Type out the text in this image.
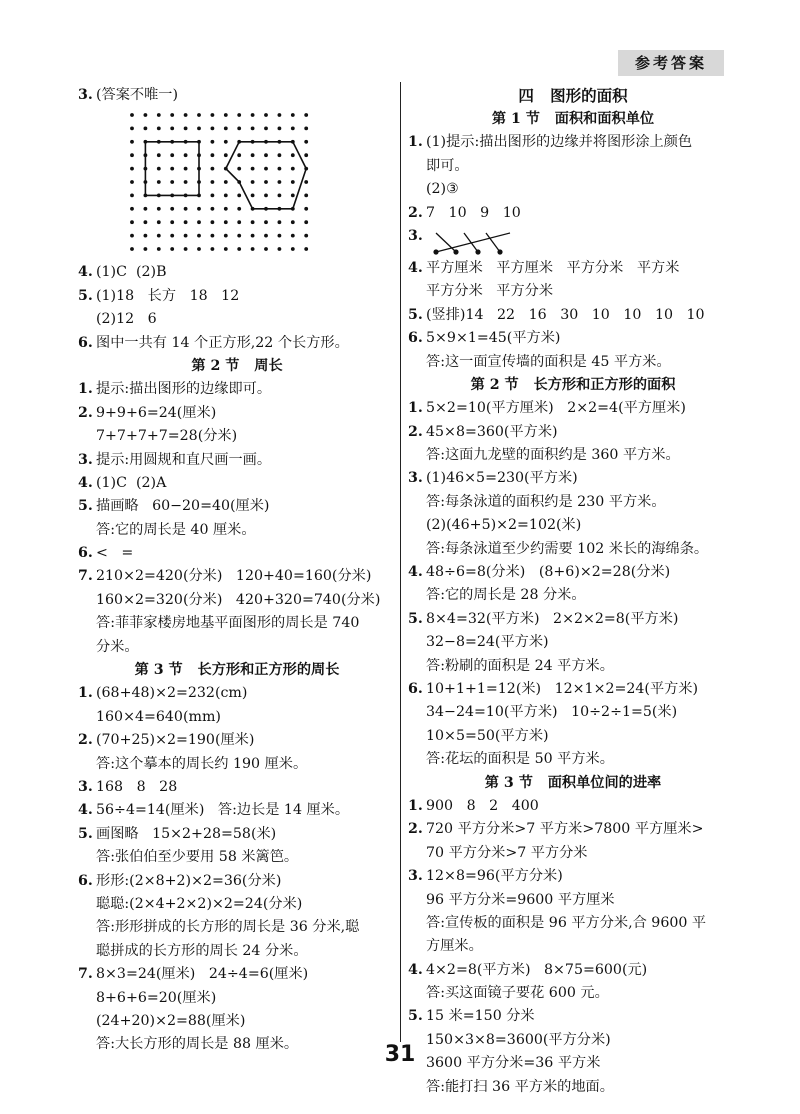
参考答案

3.

(答案不唯一)

4. (1)C  (2)B
5. (1)18   长方   18   12
(2)12   6
6. 图中一共有 14 个正方形,22 个长方形。
第 2 节   周长
1. 提示:描出图形的边缘即可。
2. 9+9+6=24(厘米)
7+7+7+7=28(分米)
3. 提示:用圆规和直尺画一画。
4. (1)C  (2)A
5. 描画略   60−20=40(厘米)
答:它的周长是 40 厘米。
6. <   =
7. 210×2=420(分米)   120+40=160(分米)
160×2=320(分米)   420+320=740(分米)
答:菲菲家楼房地基平面图形的周长是 740
分米。
第 3 节   长方形和正方形的周长
1. (68+48)×2=232(cm)
160×4=640(mm)
2. (70+25)×2=190(厘米)
答:这个摹本的周长约 190 厘米。
3. 168   8   28
4. 56÷4=14(厘米)   答:边长是 14 厘米。
5. 画图略   15×2+28=58(米)
答:张伯伯至少要用 58 米篱笆。
6. 形形:(2×8+2)×2=36(分米)
聪聪:(2×4+2×2)×2=24(分米)
答:形形拼成的长方形的周长是 36 分米,聪
聪拼成的长方形的周长 24 分米。
7. 8×3=24(厘米)   24÷4=6(厘米)
8+6+6=20(厘米)
(24+20)×2=88(厘米)
答:大长方形的周长是 88 厘米。
四   图形的面积
第 1 节   面积和面积单位
1. (1)提示:描出图形的边缘并将图形涂上颜色
即可。
(2)③
2. 7   10   9   10
3.
4. 平方厘米   平方厘米   平方分米   平方米
平方分米   平方分米
5. (竖排)14   22   16   30   10   10   10   10
6. 5×9×1=45(平方米)
答:这一面宣传墙的面积是 45 平方米。
第 2 节   长方形和正方形的面积
1. 5×2=10(平方厘米)   2×2=4(平方厘米)
2. 45×8=360(平方米)
答:这面九龙壁的面积约是 360 平方米。
3. (1)46×5=230(平方米)
答:每条泳道的面积约是 230 平方米。
(2)(46+5)×2=102(米)
答:每条泳道至少约需要 102 米长的海绵条。
4. 48÷6=8(分米)   (8+6)×2=28(分米)
答:它的周长是 28 分米。
5. 8×4=32(平方米)   2×2×2=8(平方米)
32−8=24(平方米)
答:粉刷的面积是 24 平方米。
6. 10+1+1=12(米)   12×1×2=24(平方米)
34−24=10(平方米)   10÷2÷1=5(米)
10×5=50(平方米)
答:花坛的面积是 50 平方米。
第 3 节   面积单位间的进率
1. 900   8   2   400
2. 720 平方分米>7 平方米>7800 平方厘米>
70 平方分米>7 平方分米
3. 12×8=96(平方分米)
96 平方分米=9600 平方厘米
答:宣传板的面积是 96 平方分米,合 9600 平
方厘米。
4. 4×2=8(平方米)   8×75=600(元)
答:买这面镜子要花 600 元。
5. 15 米=150 分米
150×3×8=3600(平方分米)
3600 平方分米=36 平方米
答:能打扫 36 平方米的地面。
31
